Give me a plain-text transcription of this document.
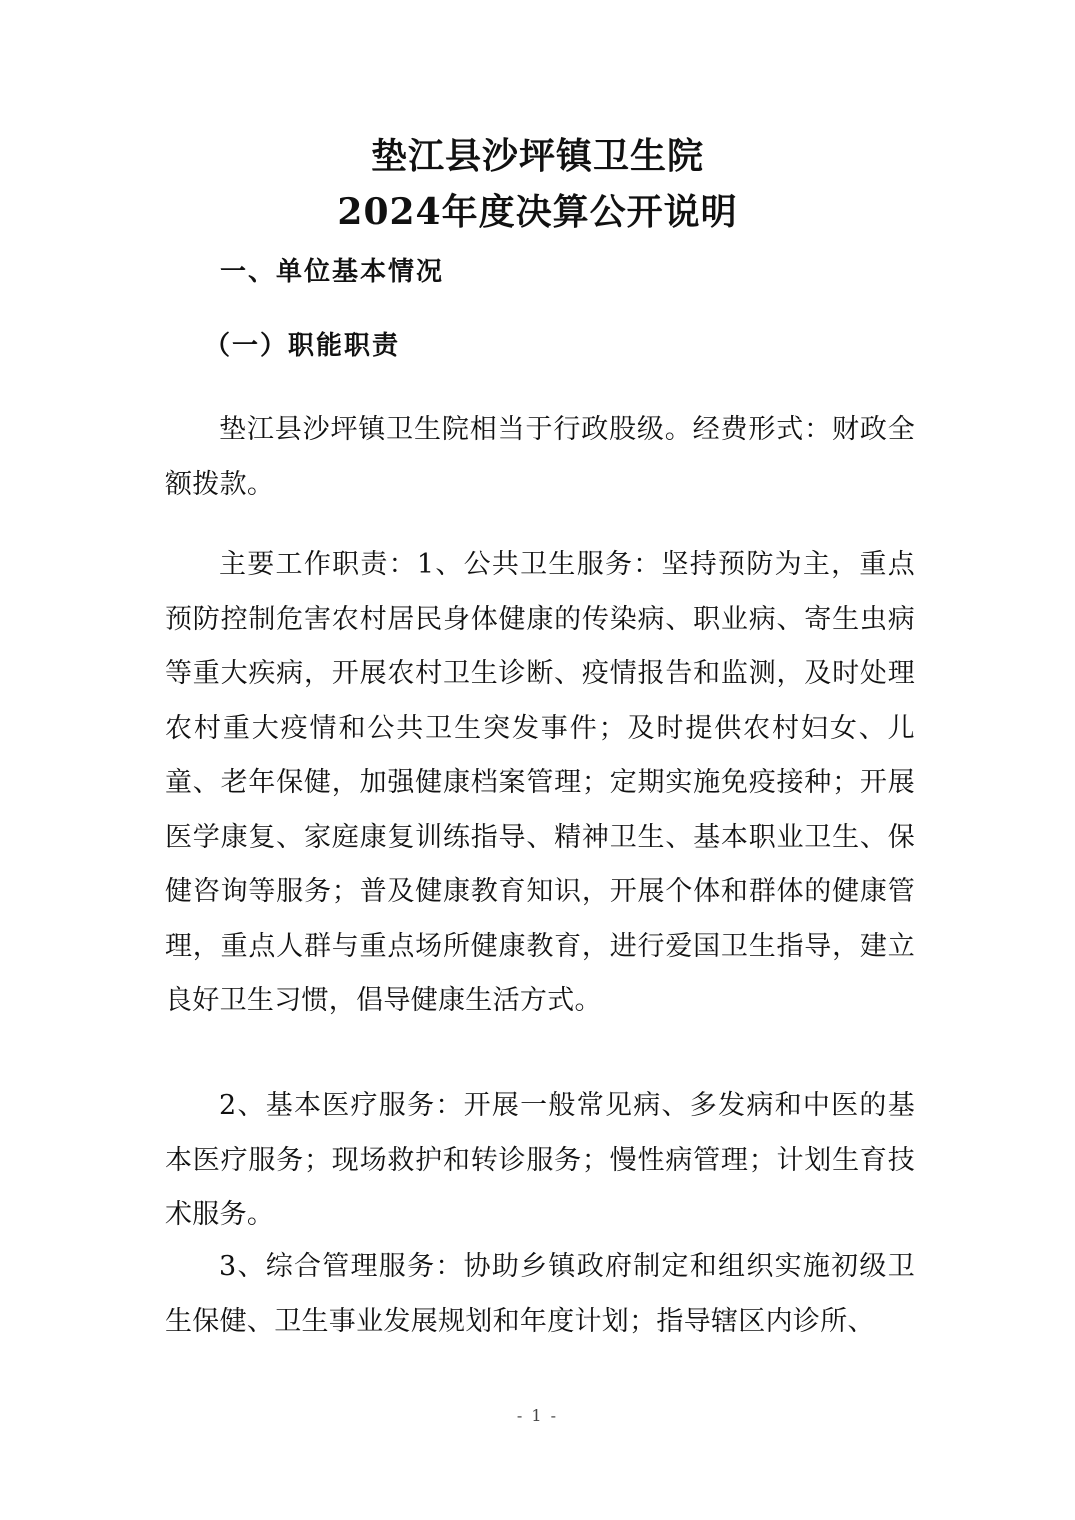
垫江县沙坪镇卫生院
2024年度决算公开说明
一、单位基本情况
（一）职能职责

垫江县沙坪镇卫生院相当于行政股级。经费形式：财政全额拨款。

主要工作职责：1、公共卫生服务：坚持预防为主，重点预防控制危害农村居民身体健康的传染病、职业病、寄生虫病等重大疾病，开展农村卫生诊断、疫情报告和监测，及时处理农村重大疫情和公共卫生突发事件；及时提供农村妇女、儿童、老年保健，加强健康档案管理；定期实施免疫接种；开展医学康复、家庭康复训练指导、精神卫生、基本职业卫生、保健咨询等服务；普及健康教育知识，开展个体和群体的健康管理，重点人群与重点场所健康教育，进行爱国卫生指导，建立良好卫生习惯，倡导健康生活方式。

2、基本医疗服务：开展一般常见病、多发病和中医的基本医疗服务；现场救护和转诊服务；慢性病管理；计划生育技术服务。

3、综合管理服务：协助乡镇政府制定和组织实施初级卫生保健、卫生事业发展规划和年度计划；指导辖区内诊所、

- 1 -
